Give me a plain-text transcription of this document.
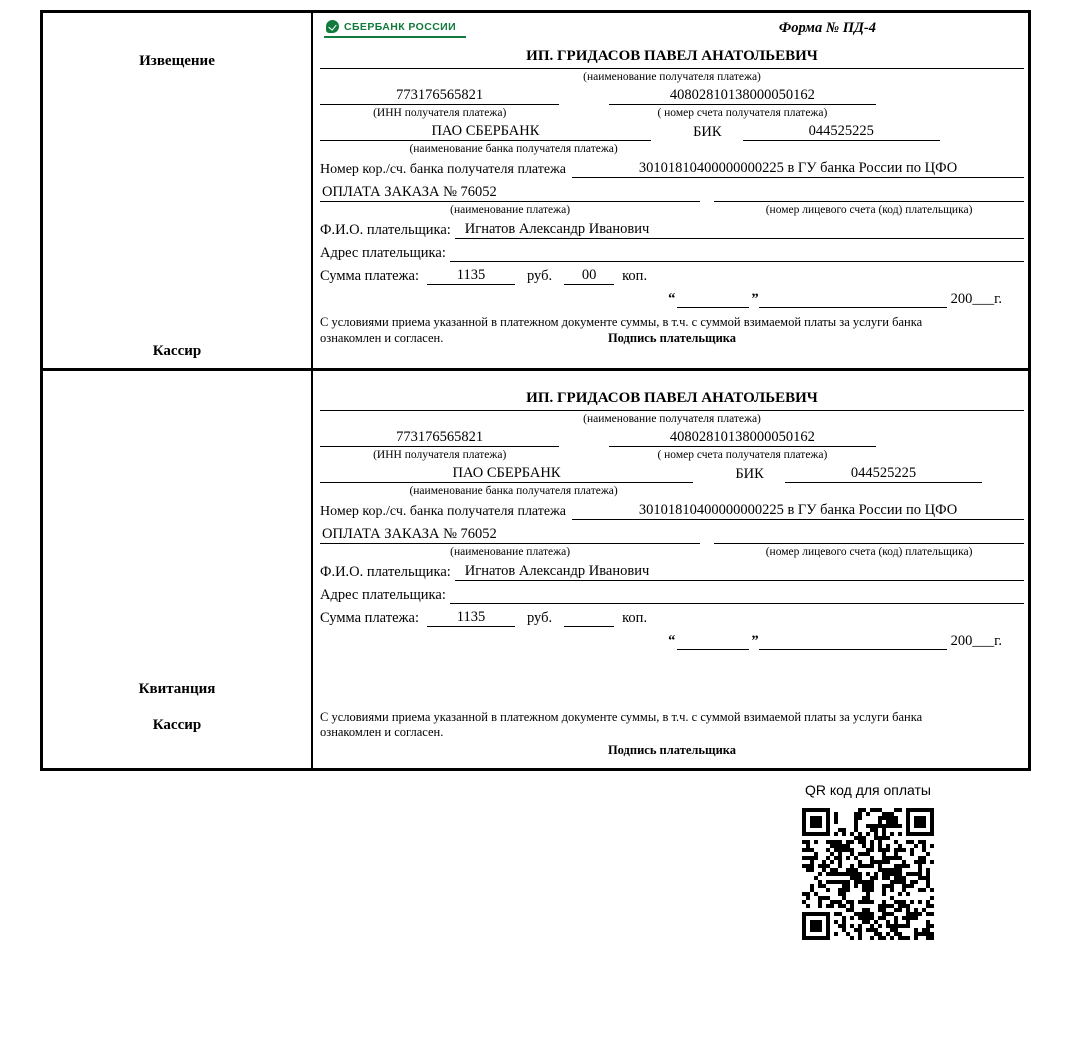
Извещение
Кассир
СБЕРБАНК РОССИИ	Форма № ПД-4
ИП. ГРИДАСОВ ПАВЕЛ АНАТОЛЬЕВИЧ
(наименование получателя платежа)
773176565821	40802810138000050162
(ИНН получателя платежа)	( номер счета получателя платежа)
ПАО СБЕРБАНК	БИК	044525225
(наименование банка получателя платежа)
Номер кор./сч. банка получателя платежа	30101810400000000225 в ГУ банка России по ЦФО
ОПЛАТА ЗАКАЗА № 76052
(наименование платежа)	(номер лицевого счета (код) плательщика)
Ф.И.О. плательщика: Игнатов Александр Иванович
Адрес плательщика:
Сумма платежа:	1135	руб.	00	коп.
“	”	200___г.
С условиями приема указанной в платежном документе суммы, в т.ч. с суммой взимаемой платы за услуги банка
ознакомлен и согласен.	Подпись плательщика
Квитанция
Кассир
ИП. ГРИДАСОВ ПАВЕЛ АНАТОЛЬЕВИЧ
(наименование получателя платежа)
773176565821	40802810138000050162
(ИНН получателя платежа)	( номер счета получателя платежа)
ПАО СБЕРБАНК	БИК	044525225
(наименование банка получателя платежа)
Номер кор./сч. банка получателя платежа	30101810400000000225 в ГУ банка России по ЦФО
ОПЛАТА ЗАКАЗА № 76052
(наименование платежа)	(номер лицевого счета (код) плательщика)
Ф.И.О. плательщика: Игнатов Александр Иванович
Адрес плательщика:
Сумма платежа:	1135	руб.	коп.
“	”	200___г.
С условиями приема указанной в платежном документе суммы, в т.ч. с суммой взимаемой платы за услуги банка
ознакомлен и согласен.
Подпись плательщика
QR код для оплаты
